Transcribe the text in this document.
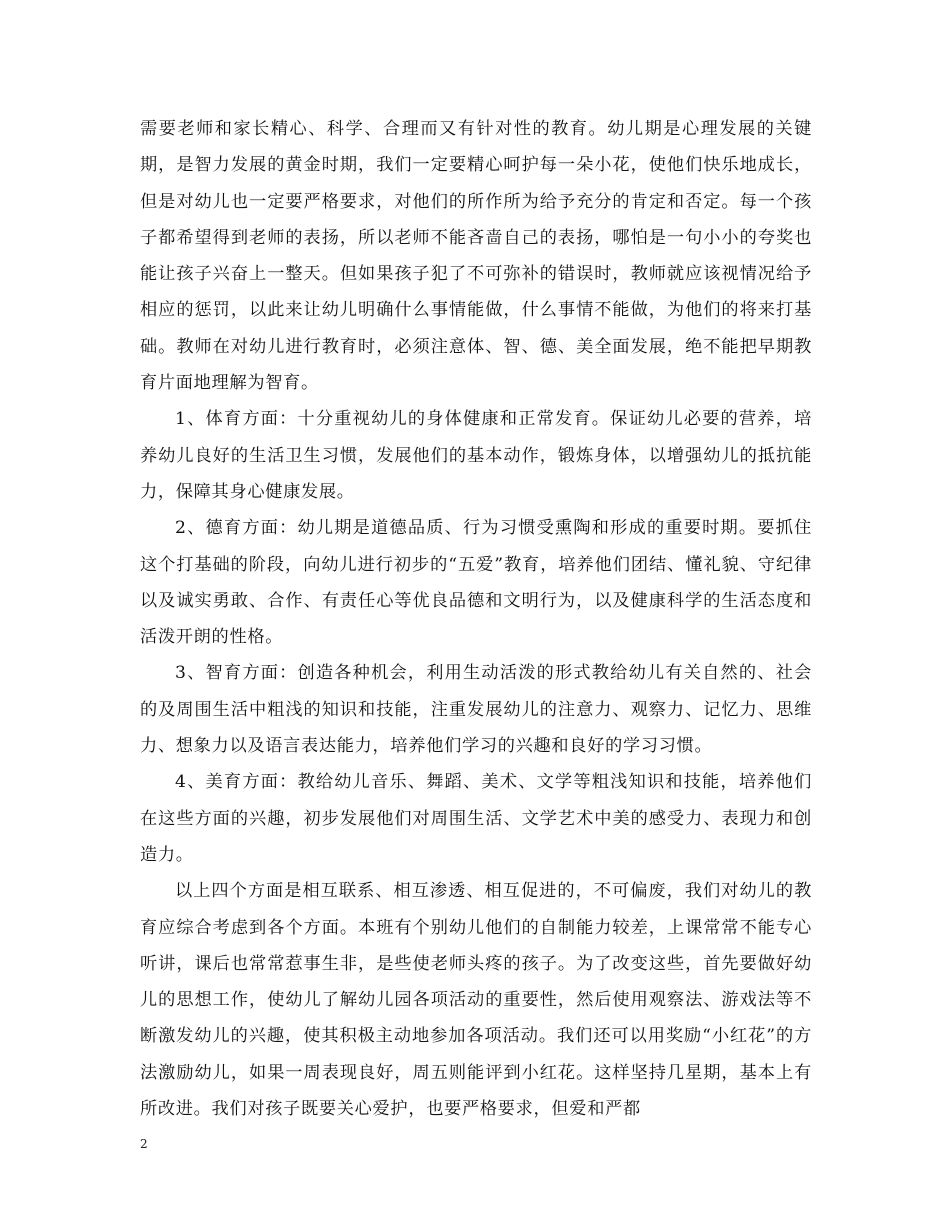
需要老师和家长精心、科学、合理而又有针对性的教育。幼儿期是心理发展的关键期，是智力发展的黄金时期，我们一定要精心呵护每一朵小花，使他们快乐地成长，但是对幼儿也一定要严格要求，对他们的所作所为给予充分的肯定和否定。每一个孩子都希望得到老师的表扬，所以老师不能吝啬自己的表扬，哪怕是一句小小的夸奖也能让孩子兴奋上一整天。但如果孩子犯了不可弥补的错误时，教师就应该视情况给予相应的惩罚，以此来让幼儿明确什么事情能做，什么事情不能做，为他们的将来打基础。教师在对幼儿进行教育时，必须注意体、智、德、美全面发展，绝不能把早期教育片面地理解为智育。

1、体育方面：十分重视幼儿的身体健康和正常发育。保证幼儿必要的营养，培养幼儿良好的生活卫生习惯，发展他们的基本动作，锻炼身体，以增强幼儿的抵抗能力，保障其身心健康发展。

2、德育方面：幼儿期是道德品质、行为习惯受熏陶和形成的重要时期。要抓住这个打基础的阶段，向幼儿进行初步的“五爱”教育，培养他们团结、懂礼貌、守纪律以及诚实勇敢、合作、有责任心等优良品德和文明行为，以及健康科学的生活态度和活泼开朗的性格。

3、智育方面：创造各种机会，利用生动活泼的形式教给幼儿有关自然的、社会的及周围生活中粗浅的知识和技能，注重发展幼儿的注意力、观察力、记忆力、思维力、想象力以及语言表达能力，培养他们学习的兴趣和良好的学习习惯。

4、美育方面：教给幼儿音乐、舞蹈、美术、文学等粗浅知识和技能，培养他们在这些方面的兴趣，初步发展他们对周围生活、文学艺术中美的感受力、表现力和创造力。

以上四个方面是相互联系、相互渗透、相互促进的，不可偏废，我们对幼儿的教育应综合考虑到各个方面。本班有个别幼儿他们的自制能力较差，上课常常不能专心听讲，课后也常常惹事生非，是些使老师头疼的孩子。为了改变这些，首先要做好幼儿的思想工作，使幼儿了解幼儿园各项活动的重要性，然后使用观察法、游戏法等不断激发幼儿的兴趣，使其积极主动地参加各项活动。我们还可以用奖励“小红花”的方法激励幼儿，如果一周表现良好，周五则能评到小红花。这样坚持几星期，基本上有所改进。我们对孩子既要关心爱护，也要严格要求，但爱和严都

2
